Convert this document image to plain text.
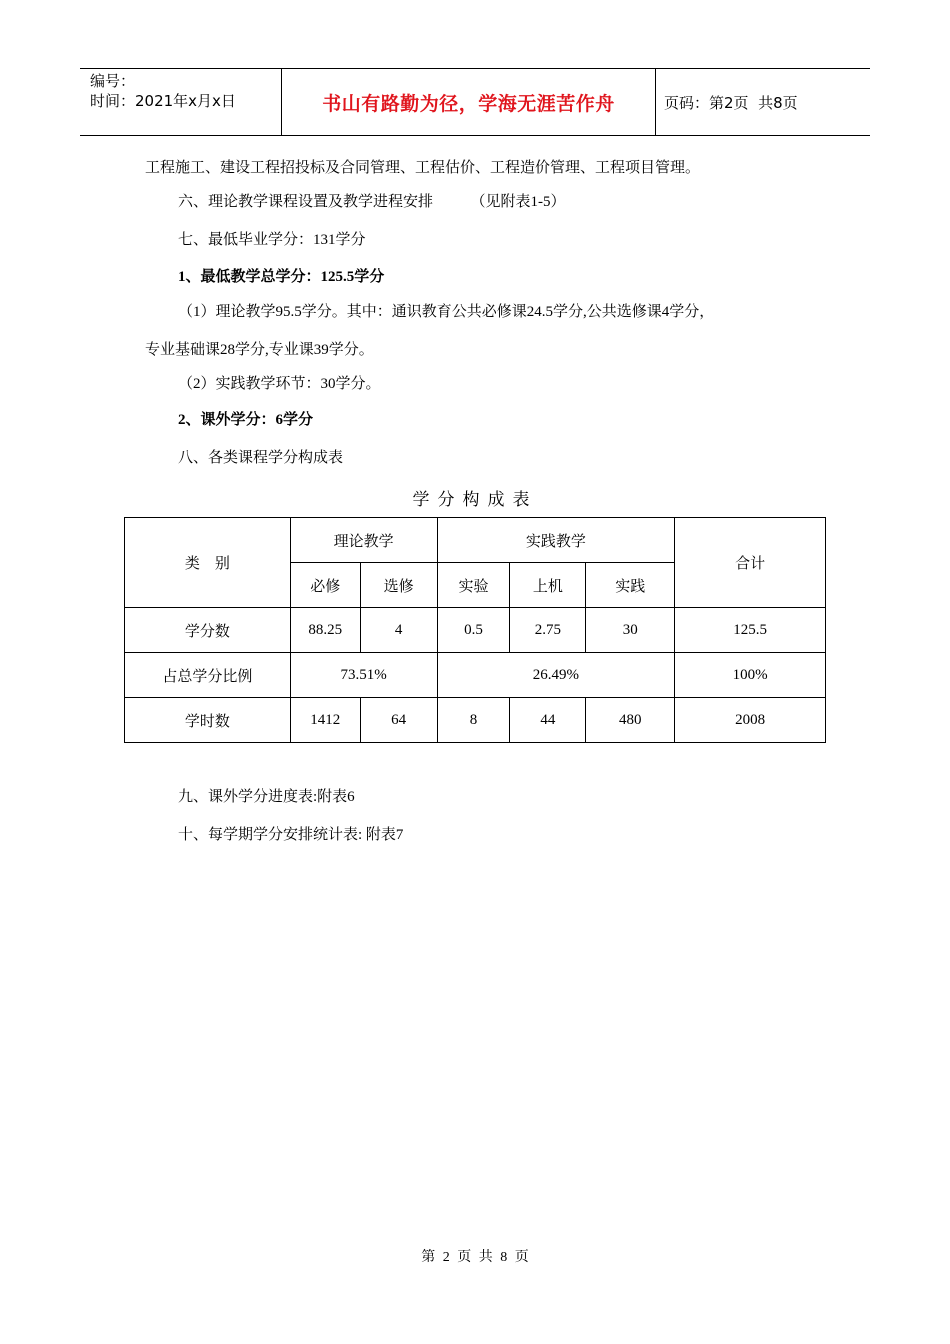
编号：
时间：2021年x月x日	书山有路勤为径，学海无涯苦作舟	页码：第2页  共8页
工程施工、建设工程招投标及合同管理、工程估价、工程造价管理、工程项目管理。
六、理论教学课程设置及教学进程安排          （见附表1-5）
七、最低毕业学分：131学分
1、最低教学总学分：125.5学分
（1）理论教学95.5学分。其中：通识教育公共必修课24.5学分,公共选修课4学分，
专业基础课28学分,专业课39学分。
（2）实践教学环节：30学分。
2、课外学分：6学分
八、各类课程学分构成表
学分构成表
类    别	理论教学		实践教学			合计
	必修	选修	实验	上机	实践	
学分数	88.25	4	0.5	2.75	30	125.5
占总学分比例	73.51%		26.49%			100%
学时数	1412	64	8	44	480	2008
九、课外学分进度表:附表6
十、每学期学分安排统计表: 附表7
第 2 页 共 8 页
